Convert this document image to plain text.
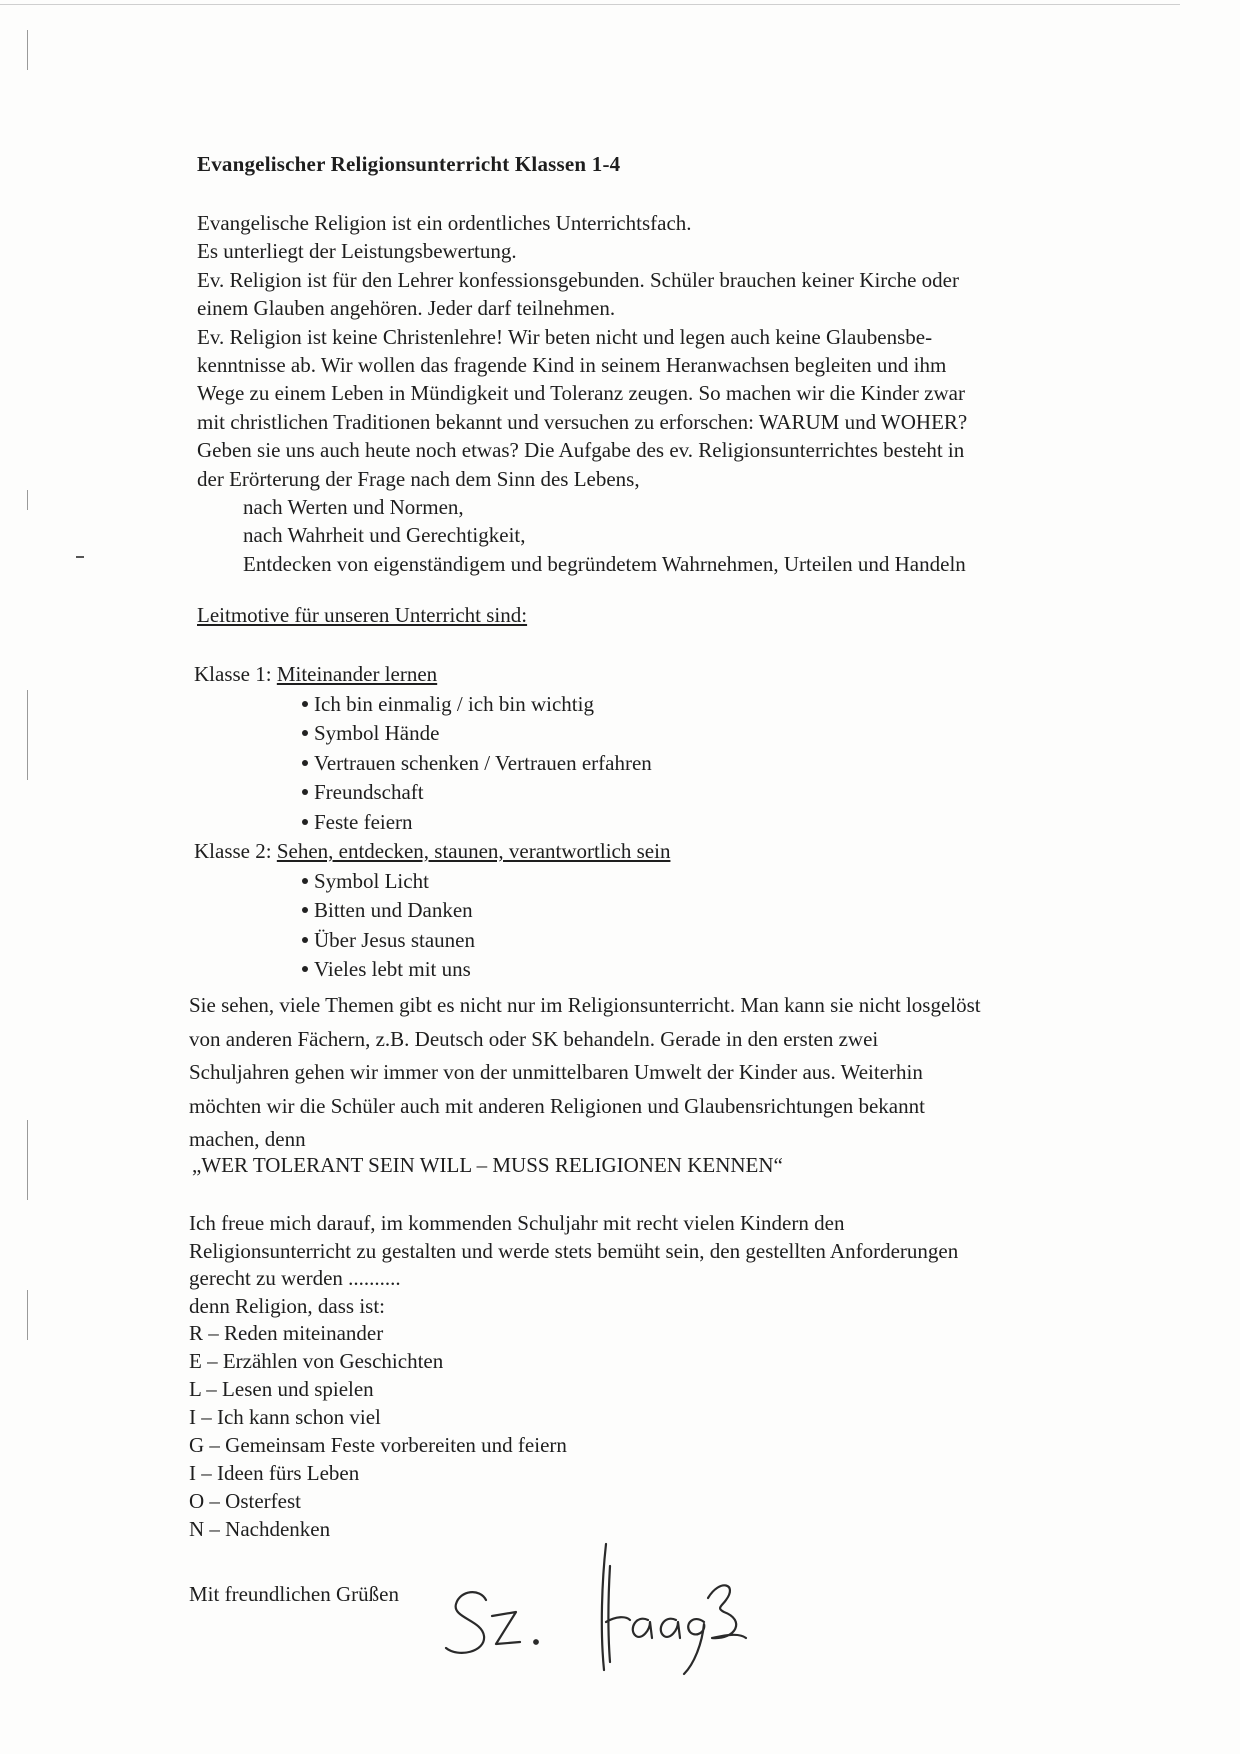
Evangelischer Religionsunterricht Klassen 1-4
Evangelische Religion ist ein ordentliches Unterrichtsfach.
Es unterliegt der Leistungsbewertung.
Ev. Religion ist für den Lehrer konfessionsgebunden. Schüler brauchen keiner Kirche oder
einem Glauben angehören. Jeder darf teilnehmen.
Ev. Religion ist keine Christenlehre! Wir beten nicht und legen auch keine Glaubensbe-
kenntnisse ab. Wir wollen das fragende Kind in seinem Heranwachsen begleiten und ihm
Wege zu einem Leben in Mündigkeit und Toleranz zeugen. So machen wir die Kinder zwar
mit christlichen Traditionen bekannt und versuchen zu erforschen: WARUM und WOHER?
Geben sie uns auch heute noch etwas? Die Aufgabe des ev. Religionsunterrichtes besteht in
der Erörterung der Frage nach dem Sinn des Lebens,
nach Werten und Normen,
nach Wahrheit und Gerechtigkeit,
Entdecken von eigenständigem und begründetem Wahrnehmen, Urteilen und Handeln
Leitmotive für unseren Unterricht sind:
Klasse 1: Miteinander lernen
Ich bin einmalig / ich bin wichtig
Symbol Hände
Vertrauen schenken / Vertrauen erfahren
Freundschaft
Feste feiern
Klasse 2: Sehen, entdecken, staunen, verantwortlich sein
Symbol Licht
Bitten und Danken
Über Jesus staunen
Vieles lebt mit uns
Sie sehen, viele Themen gibt es nicht nur im Religionsunterricht. Man kann sie nicht losgelöst
von anderen Fächern, z.B. Deutsch oder SK behandeln. Gerade in den ersten zwei
Schuljahren gehen wir immer von der unmittelbaren Umwelt der Kinder aus. Weiterhin
möchten wir die Schüler auch mit anderen Religionen und Glaubensrichtungen bekannt
machen, denn
„WER TOLERANT SEIN WILL – MUSS RELIGIONEN KENNEN“
Ich freue mich darauf, im kommenden Schuljahr mit recht vielen Kindern den
Religionsunterricht zu gestalten und werde stets bemüht sein, den gestellten Anforderungen
gerecht zu werden ..........
denn Religion, dass ist:
R – Reden miteinander
E – Erzählen von Geschichten
L – Lesen und spielen
I – Ich kann schon viel
G – Gemeinsam Feste vorbereiten und feiern
I – Ideen fürs Leben
O – Osterfest
N – Nachdenken
Mit freundlichen Grüßen
